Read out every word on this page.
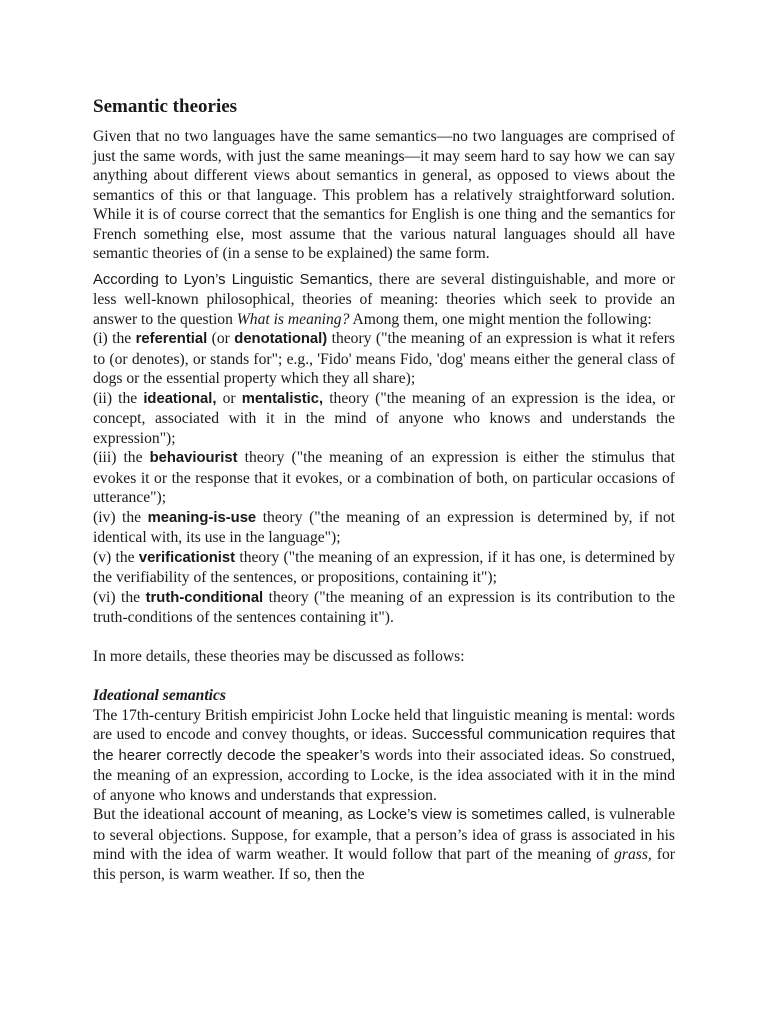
Semantic theories

Given that no two languages have the same semantics—no two languages are comprised of just the same words, with just the same meanings—it may seem hard to say how we can say anything about different views about semantics in general, as opposed to views about the semantics of this or that language. This problem has a relatively straightforward solution. While it is of course correct that the semantics for English is one thing and the semantics for French something else, most assume that the various natural languages should all have semantic theories of (in a sense to be explained) the same form.

According to Lyon’s Linguistic Semantics, there are several distinguishable, and more or less well-known philosophical, theories of meaning: theories which seek to provide an answer to the question What is meaning? Among them, one might mention the following:

(i) the referential (or denotational) theory ("the meaning of an expression is what it refers to (or denotes), or stands for"; e.g., 'Fido' means Fido, 'dog' means either the general class of dogs or the essential property which they all share);
(ii) the ideational, or mentalistic, theory ("the meaning of an expression is the idea, or concept, associated with it in the mind of anyone who knows and understands the expression");
(iii) the behaviourist theory ("the meaning of an expression is either the stimulus that evokes it or the response that it evokes, or a combination of both, on particular occasions of utterance");
(iv) the meaning-is-use theory ("the meaning of an expression is determined by, if not identical with, its use in the language");
(v) the verificationist theory ("the meaning of an expression, if it has one, is determined by the verifiability of the sentences, or propositions, containing it");
(vi) the truth-conditional theory ("the meaning of an expression is its contribution to the truth-conditions of the sentences containing it").

In more details, these theories may be discussed as follows:

Ideational semantics

The 17th-century British empiricist John Locke held that linguistic meaning is mental: words are used to encode and convey thoughts, or ideas. Successful communication requires that the hearer correctly decode the speaker’s words into their associated ideas. So construed, the meaning of an expression, according to Locke, is the idea associated with it in the mind of anyone who knows and understands that expression.

But the ideational account of meaning, as Locke’s view is sometimes called, is vulnerable to several objections. Suppose, for example, that a person’s idea of grass is associated in his mind with the idea of warm weather. It would follow that part of the meaning of grass, for this person, is warm weather. If so, then the
